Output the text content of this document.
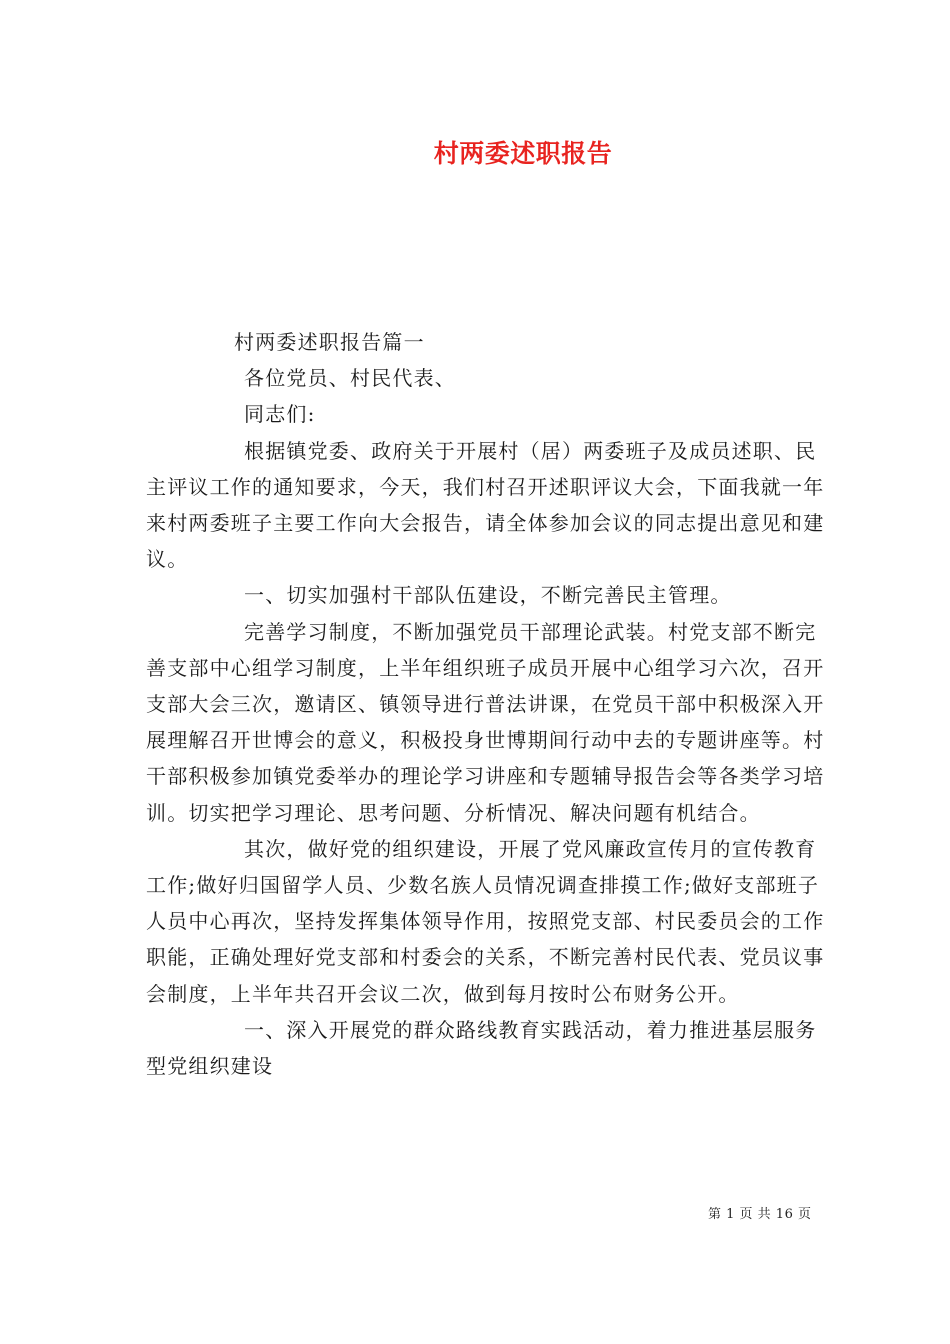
村两委述职报告

村两委述职报告篇一

各位党员、村民代表、

同志们:

根据镇党委、政府关于开展村（居）两委班子及成员述职、民主评议工作的通知要求，今天，我们村召开述职评议大会，下面我就一年来村两委班子主要工作向大会报告，请全体参加会议的同志提出意见和建议。

一、切实加强村干部队伍建设，不断完善民主管理。

完善学习制度，不断加强党员干部理论武装。村党支部不断完善支部中心组学习制度，上半年组织班子成员开展中心组学习六次，召开支部大会三次，邀请区、镇领导进行普法讲课，在党员干部中积极深入开展理解召开世博会的意义，积极投身世博期间行动中去的专题讲座等。村干部积极参加镇党委举办的理论学习讲座和专题辅导报告会等各类学习培训。切实把学习理论、思考问题、分析情况、解决问题有机结合。

其次，做好党的组织建设，开展了党风廉政宣传月的宣传教育工作;做好归国留学人员、少数名族人员情况调查排摸工作;做好支部班子人员中心再次，坚持发挥集体领导作用，按照党支部、村民委员会的工作职能，正确处理好党支部和村委会的关系，不断完善村民代表、党员议事会制度，上半年共召开会议二次，做到每月按时公布财务公开。

一、深入开展党的群众路线教育实践活动，着力推进基层服务型党组织建设

第 1 页 共 16 页
